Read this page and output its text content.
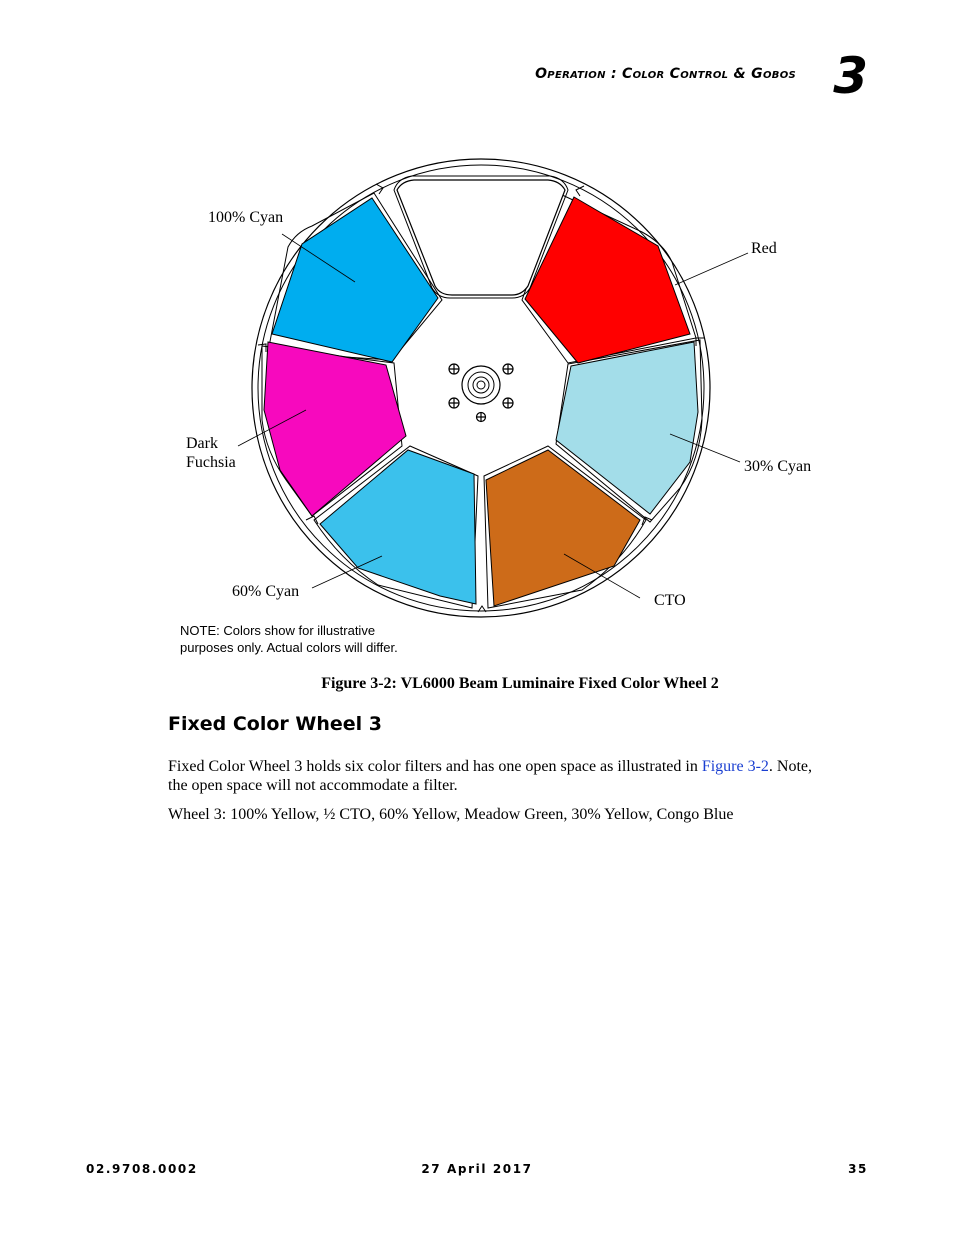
Operation : Color Control & Gobos 3
100% Cyan
Red
Dark
Fuchsia	30% Cyan
60% Cyan
CTO
NOTE: Colors show for illustrative
purposes only. Actual colors will differ.
Figure 3-2: VL6000 Beam Luminaire Fixed Color Wheel 2
Fixed Color Wheel 3
Fixed Color Wheel 3 holds six color filters and has one open space as illustrated in Figure 3-2. Note,
the open space will not accommodate a filter.
Wheel 3: 100% Yellow, ½ CTO, 60% Yellow, Meadow Green, 30% Yellow, Congo Blue
02.9708.0002	27 April 2017	35
